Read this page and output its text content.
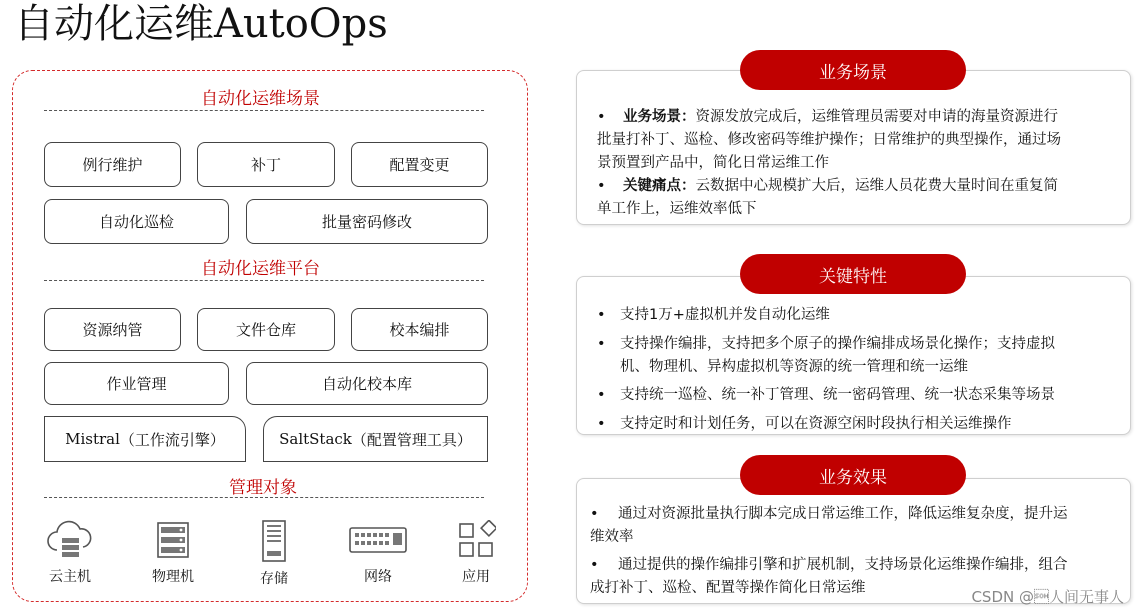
自动化运维AutoOps
自动化运维场景
例行维护	补丁	配置变更
自动化巡检	批量密码修改
自动化运维平台
资源纳管	文件仓库	校本编排
作业管理	自动化校本库
Mistral （工作流引擎）	SaltStack （配置管理工具）
管理对象
云主机	物理机	存储	网络	应用
业务场景
• 业务场景：资源发放完成后，运维管理员需要对申请的海量资源进行
批量打补丁、巡检、修改密码等维护操作；日常维护的典型操作，通过场
景预置到产品中，简化日常运维工作
• 关键痛点：云数据中心规模扩大后，运维人员花费大量时间在重复简
单工作上，运维效率低下
关键特性
• 支持1万+虚拟机并发自动化运维
• 支持操作编排，支持把多个原子的操作编排成场景化操作；支持虚拟
机、物理机、异构虚拟机等资源的统一管理和统一运维
• 支持统一巡检、统一补丁管理、统一密码管理、统一状态采集等场景
• 支持定时和计划任务，可以在资源空闲时段执行相关运维操作
业务效果
• 通过对资源批量执行脚本完成日常运维工作，降低运维复杂度，提升运
维效率
• 通过提供的操作编排引擎和扩展机制，支持场景化运维操作编排，组合
成打补丁、巡检、配置等操作简化日常运维	CSDN @人间无事人
